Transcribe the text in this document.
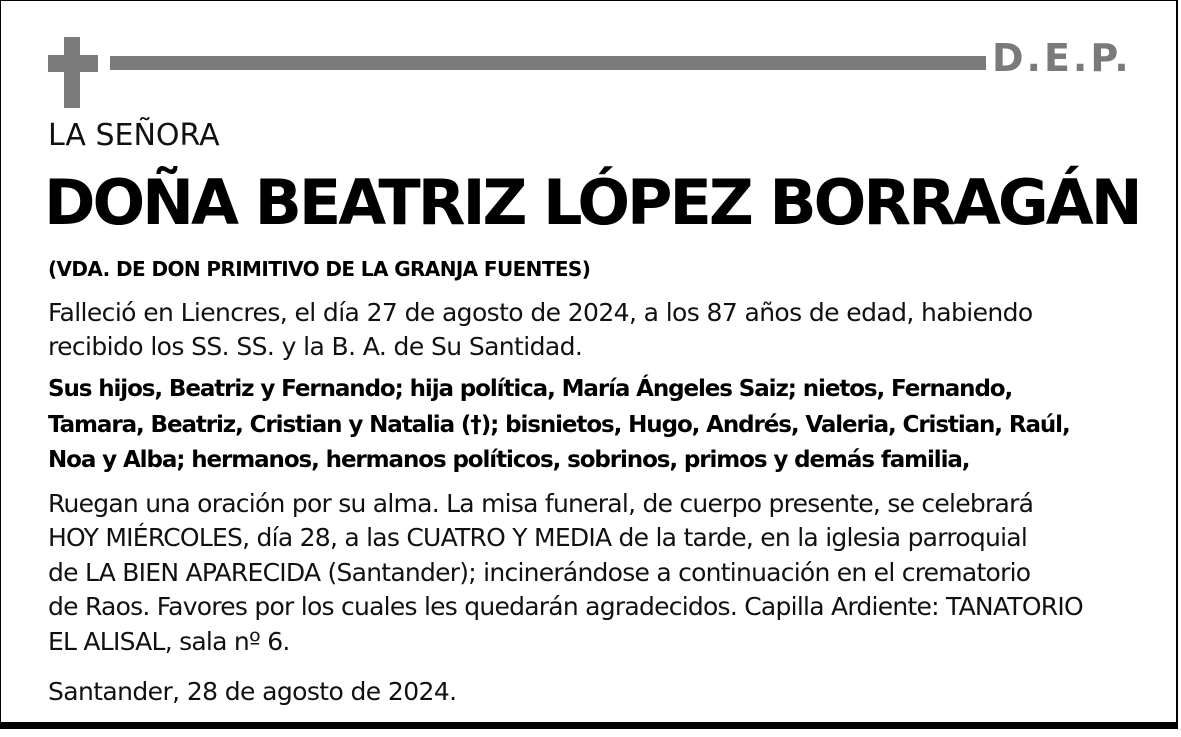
D.E.P.
LA SEÑORA
DOÑA BEATRIZ LÓPEZ BORRAGÁN
(VDA. DE DON PRIMITIVO DE LA GRANJA FUENTES)
Falleció en Liencres, el día 27 de agosto de 2024, a los 87 años de edad, habiendo
recibido los SS. SS. y la B. A. de Su Santidad.
Sus hijos, Beatriz y Fernando; hija política, María Ángeles Saiz; nietos, Fernando,
Tamara, Beatriz, Cristian y Natalia (†); bisnietos, Hugo, Andrés, Valeria, Cristian, Raúl,
Noa y Alba; hermanos, hermanos políticos, sobrinos, primos y demás familia,
Ruegan una oración por su alma. La misa funeral, de cuerpo presente, se celebrará
HOY MIÉRCOLES, día 28, a las CUATRO Y MEDIA de la tarde, en la iglesia parroquial
de LA BIEN APARECIDA (Santander); incinerándose a continuación en el crematorio
de Raos. Favores por los cuales les quedarán agradecidos. Capilla Ardiente: TANATORIO
EL ALISAL, sala nº 6.
Santander, 28 de agosto de 2024.
